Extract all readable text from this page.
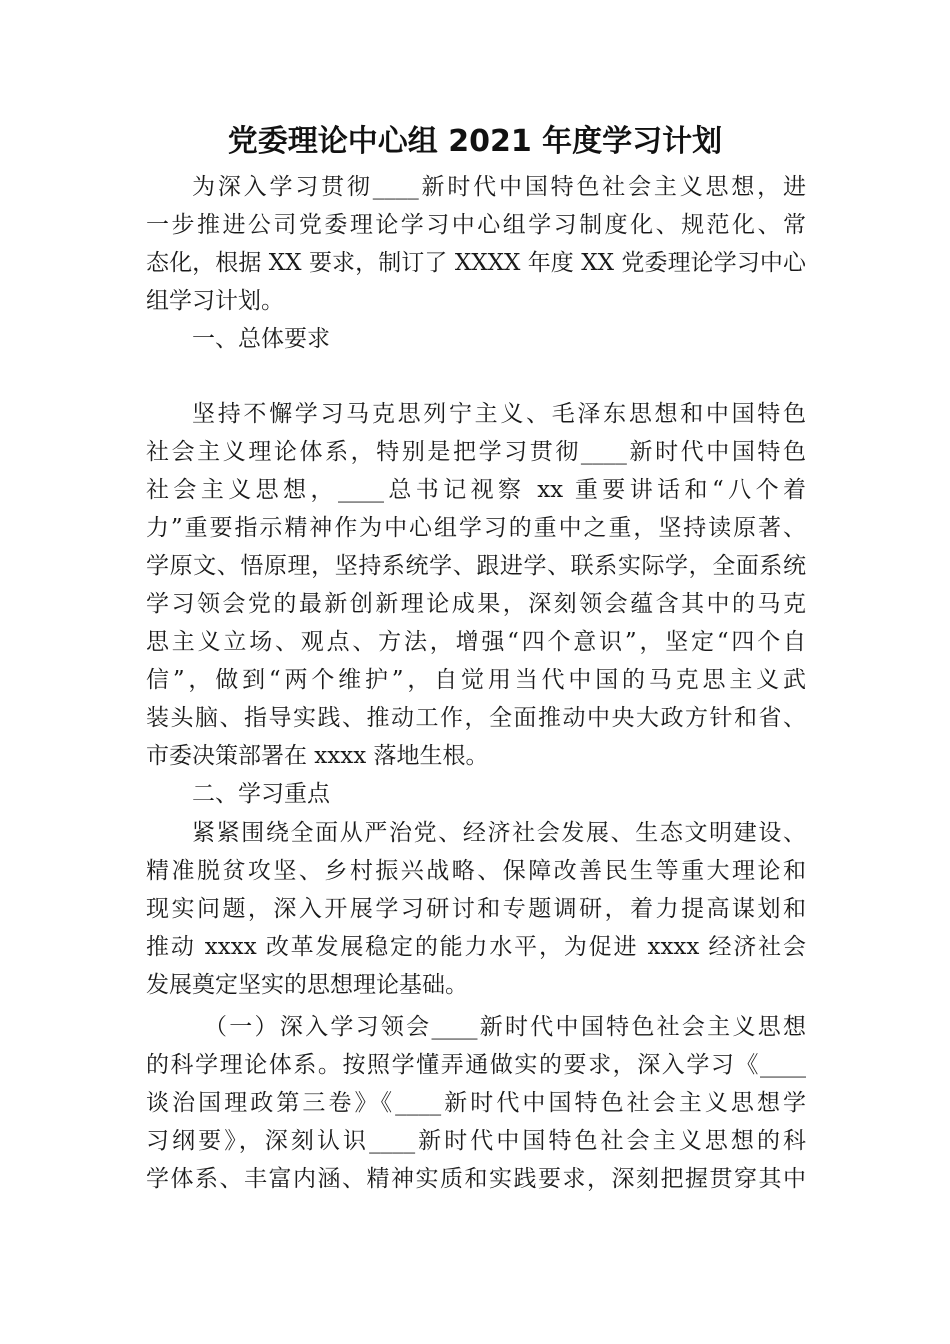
党委理论中心组 2021 年度学习计划
为深入学习贯彻____新时代中国特色社会主义思想，进
一步推进公司党委理论学习中心组学习制度化、规范化、常
态化，根据 XX 要求，制订了 XXXX 年度 XX 党委理论学习中心
组学习计划。
一、总体要求
坚持不懈学习马克思列宁主义、毛泽东思想和中国特色
社会主义理论体系，特别是把学习贯彻____新时代中国特色
社会主义思想，____总书记视察 xx 重要讲话和“八个着
力”重要指示精神作为中心组学习的重中之重，坚持读原著、
学原文、悟原理，坚持系统学、跟进学、联系实际学，全面系统
学习领会党的最新创新理论成果，深刻领会蕴含其中的马克
思主义立场、观点、方法，增强“四个意识”，坚定“四个自
信”，做到“两个维护”，自觉用当代中国的马克思主义武
装头脑、指导实践、推动工作，全面推动中央大政方针和省、
市委决策部署在 xxxx 落地生根。
二、学习重点
紧紧围绕全面从严治党、经济社会发展、生态文明建设、
精准脱贫攻坚、乡村振兴战略、保障改善民生等重大理论和
现实问题，深入开展学习研讨和专题调研，着力提高谋划和
推动 xxxx 改革发展稳定的能力水平，为促进 xxxx 经济社会
发展奠定坚实的思想理论基础。
（一）深入学习领会____新时代中国特色社会主义思想
的科学理论体系。按照学懂弄通做实的要求，深入学习《____
谈治国理政第三卷》《____新时代中国特色社会主义思想学
习纲要》，深刻认识____新时代中国特色社会主义思想的科
学体系、丰富内涵、精神实质和实践要求，深刻把握贯穿其中
